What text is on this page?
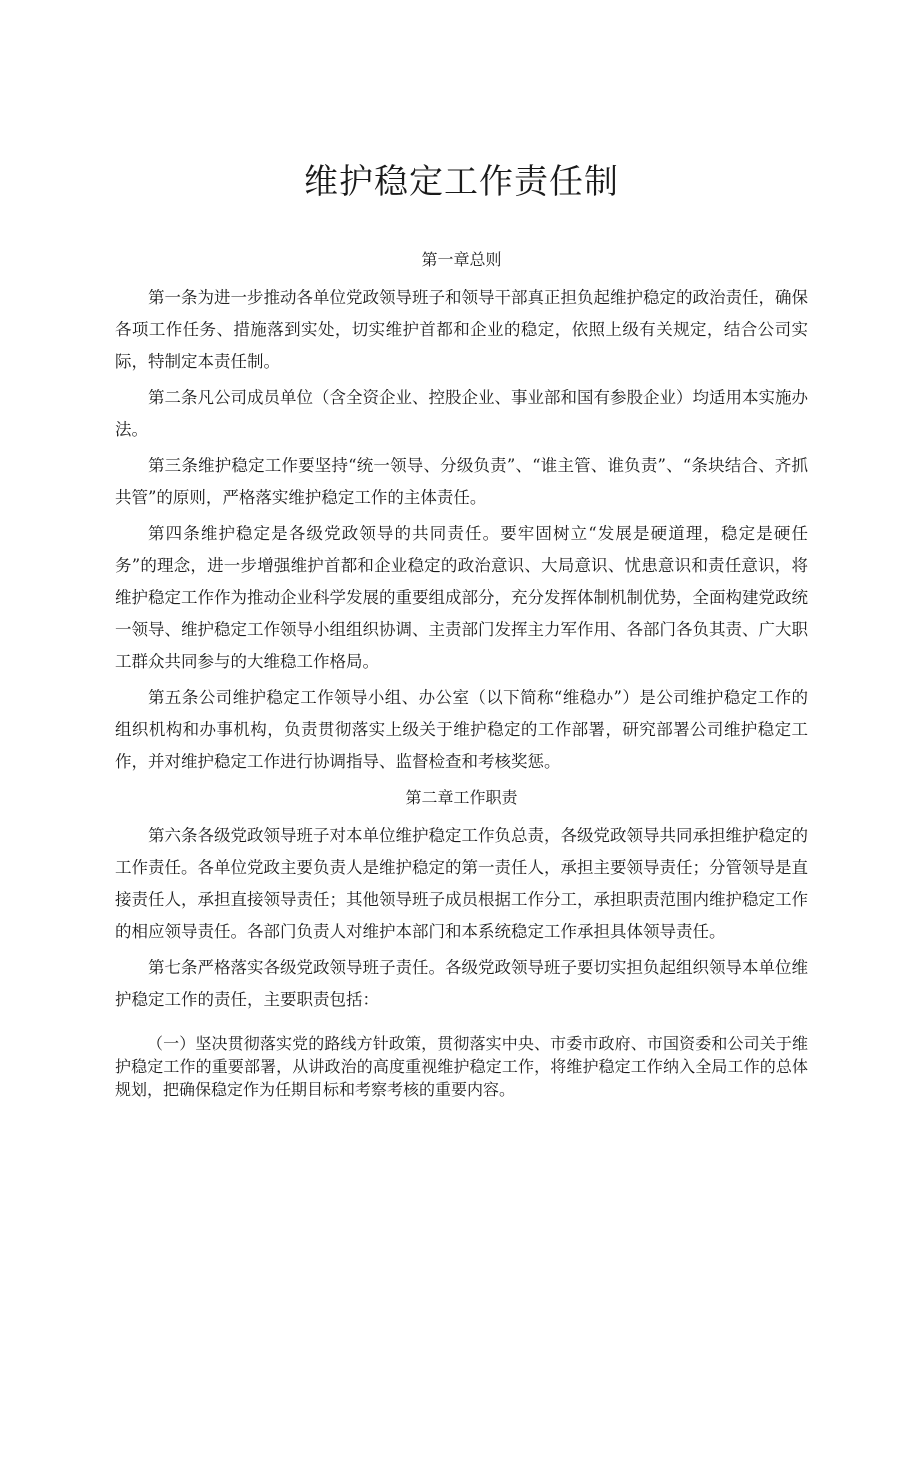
维护稳定工作责任制

第一章总则

第一条为进一步推动各单位党政领导班子和领导干部真正担负起维护稳定的政治责任，确保各项工作任务、措施落到实处，切实维护首都和企业的稳定，依照上级有关规定，结合公司实际，特制定本责任制。

第二条凡公司成员单位（含全资企业、控股企业、事业部和国有参股企业）均适用本实施办法。

第三条维护稳定工作要坚持“统一领导、分级负责”、“谁主管、谁负责”、“条块结合、齐抓共管”的原则，严格落实维护稳定工作的主体责任。

第四条维护稳定是各级党政领导的共同责任。要牢固树立“发展是硬道理，稳定是硬任务”的理念，进一步增强维护首都和企业稳定的政治意识、大局意识、忧患意识和责任意识，将维护稳定工作作为推动企业科学发展的重要组成部分，充分发挥体制机制优势，全面构建党政统一领导、维护稳定工作领导小组组织协调、主责部门发挥主力军作用、各部门各负其责、广大职工群众共同参与的大维稳工作格局。

第五条公司维护稳定工作领导小组、办公室（以下简称“维稳办”）是公司维护稳定工作的组织机构和办事机构，负责贯彻落实上级关于维护稳定的工作部署，研究部署公司维护稳定工作，并对维护稳定工作进行协调指导、监督检查和考核奖惩。

第二章工作职责

第六条各级党政领导班子对本单位维护稳定工作负总责，各级党政领导共同承担维护稳定的工作责任。各单位党政主要负责人是维护稳定的第一责任人，承担主要领导责任；分管领导是直接责任人，承担直接领导责任；其他领导班子成员根据工作分工，承担职责范围内维护稳定工作的相应领导责任。各部门负责人对维护本部门和本系统稳定工作承担具体领导责任。

第七条严格落实各级党政领导班子责任。各级党政领导班子要切实担负起组织领导本单位维护稳定工作的责任，主要职责包括：

（一）坚决贯彻落实党的路线方针政策，贯彻落实中央、市委市政府、市国资委和公司关于维护稳定工作的重要部署，从讲政治的高度重视维护稳定工作，将维护稳定工作纳入全局工作的总体规划，把确保稳定作为任期目标和考察考核的重要内容。
